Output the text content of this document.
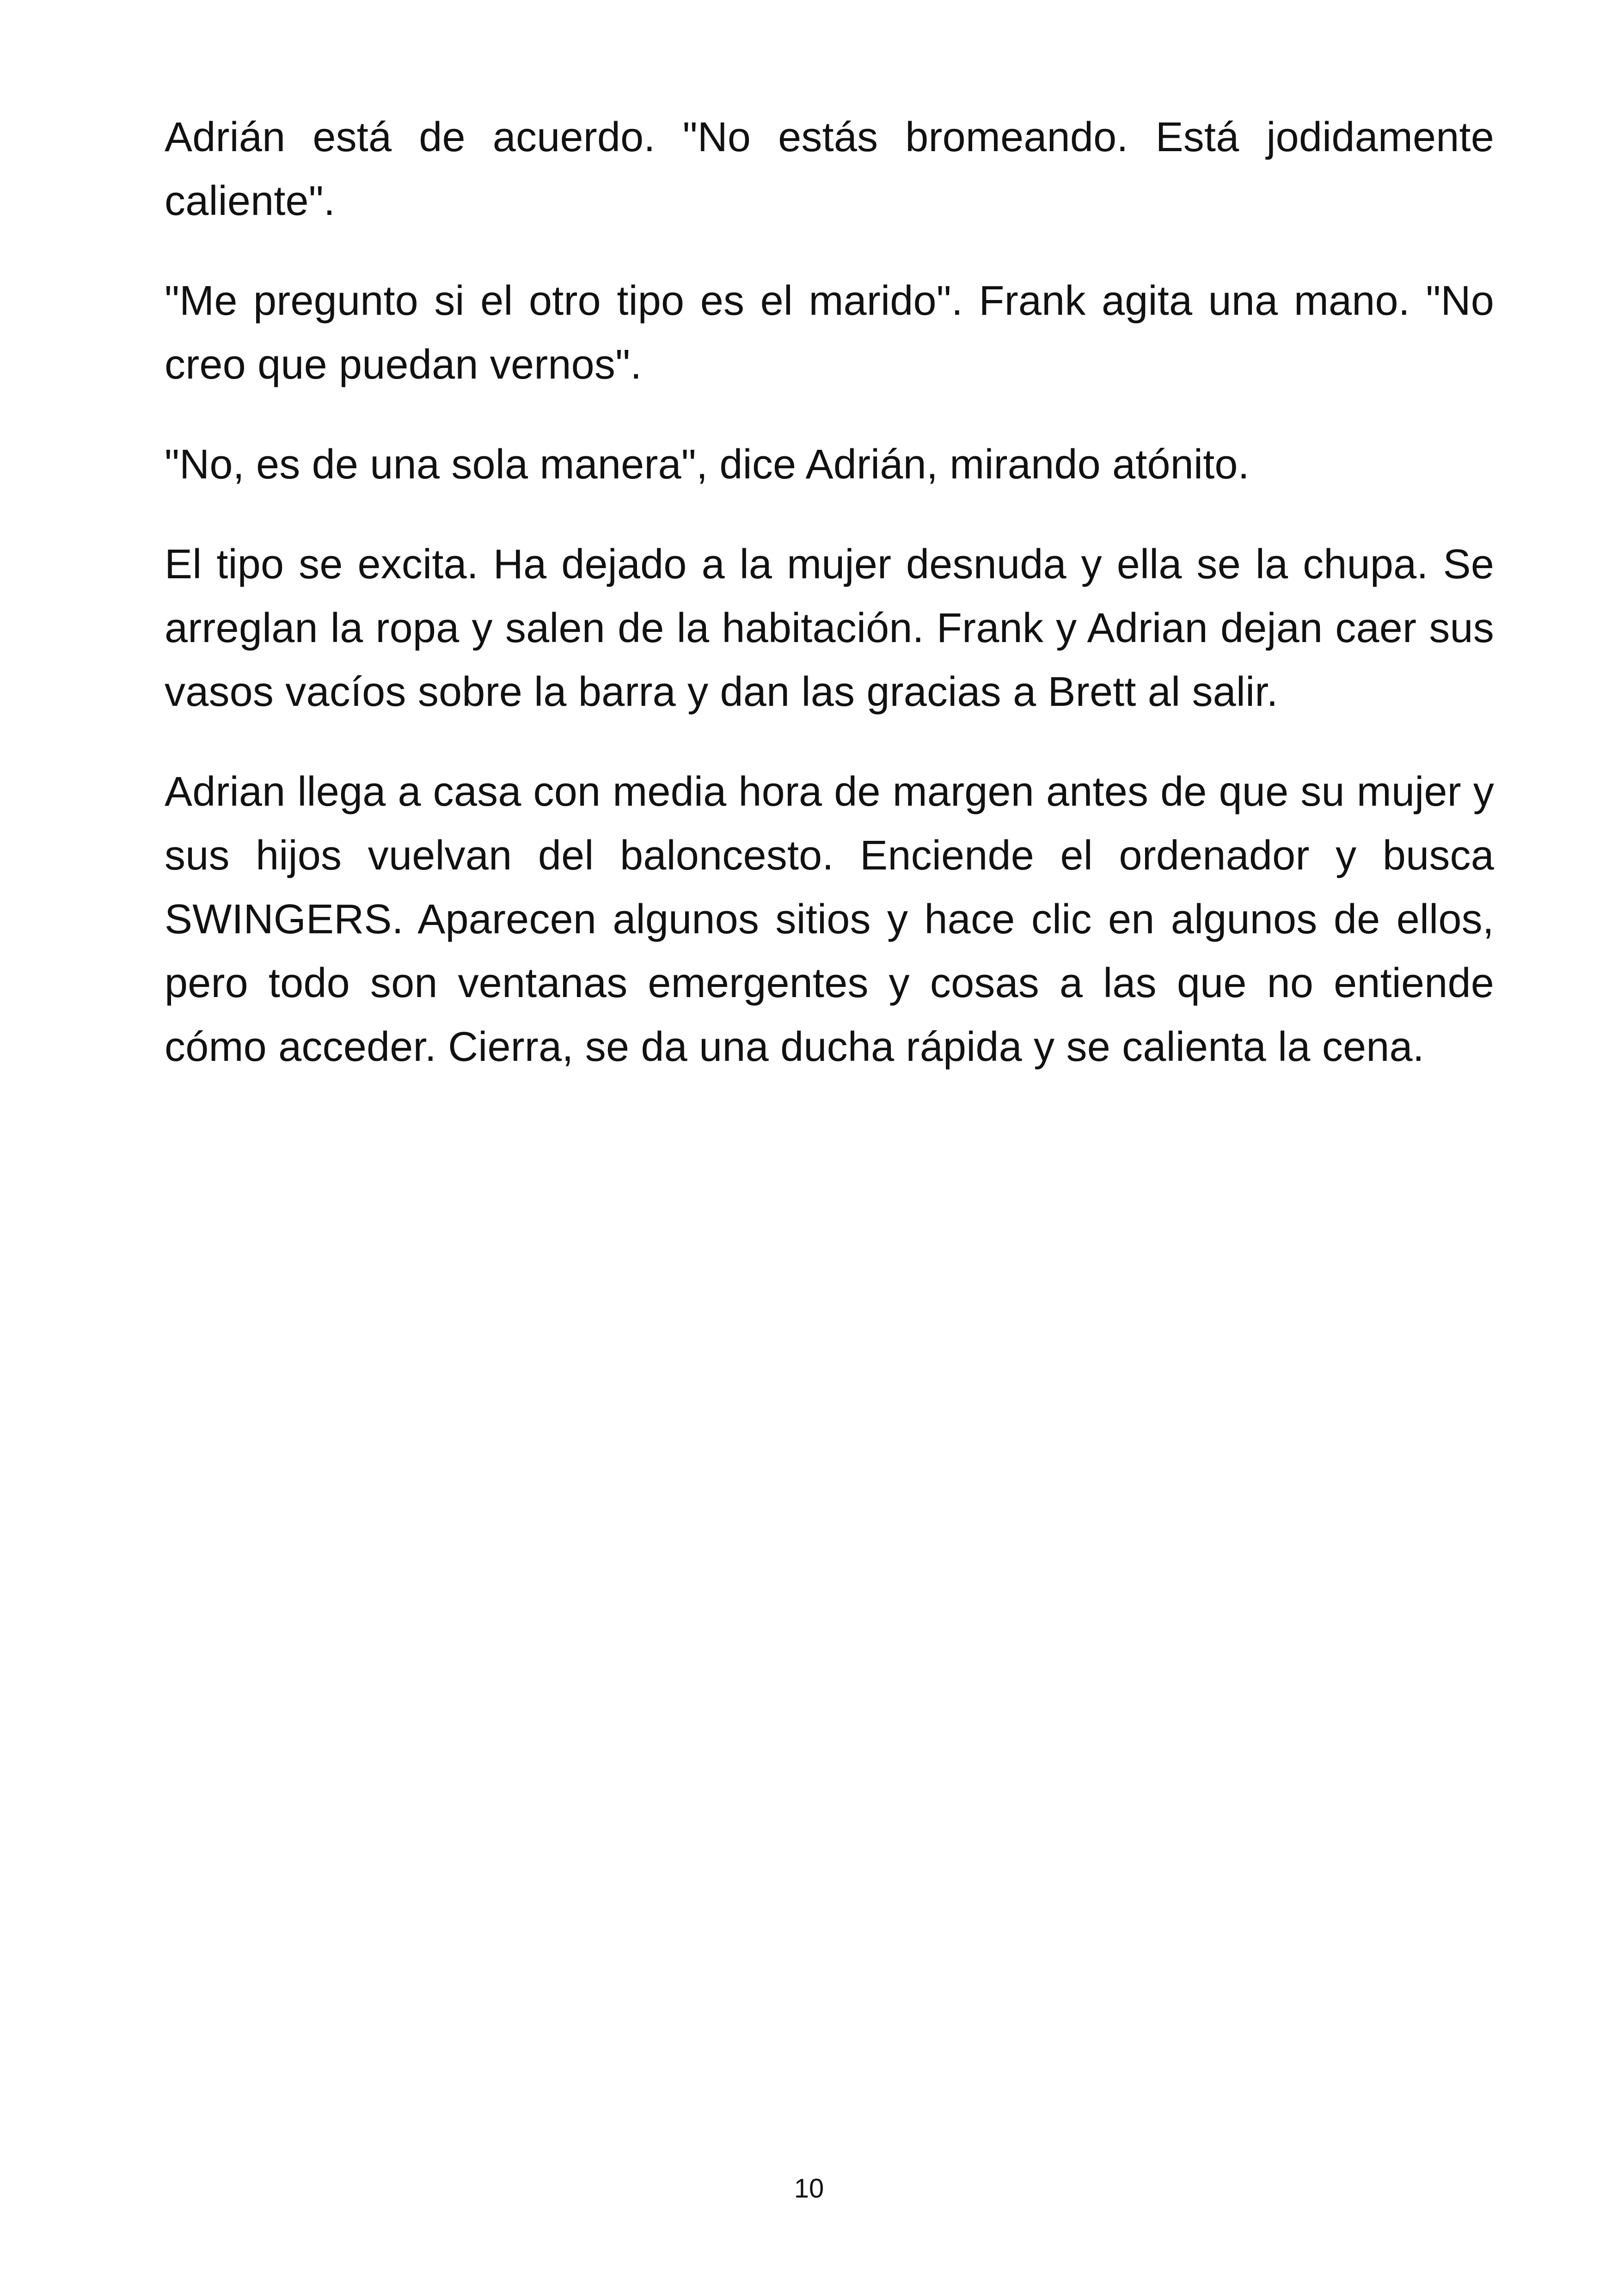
Adrián está de acuerdo. "No estás bromeando. Está jodidamente caliente".

"Me pregunto si el otro tipo es el marido". Frank agita una mano. "No creo que puedan vernos".

"No, es de una sola manera", dice Adrián, mirando atónito.

El tipo se excita. Ha dejado a la mujer desnuda y ella se la chupa. Se arreglan la ropa y salen de la habitación. Frank y Adrian dejan caer sus vasos vacíos sobre la barra y dan las gracias a Brett al salir.

Adrian llega a casa con media hora de margen antes de que su mujer y sus hijos vuelvan del baloncesto. Enciende el ordenador y busca SWINGERS. Aparecen algunos sitios y hace clic en algunos de ellos, pero todo son ventanas emergentes y cosas a las que no entiende cómo acceder. Cierra, se da una ducha rápida y se calienta la cena.

10
